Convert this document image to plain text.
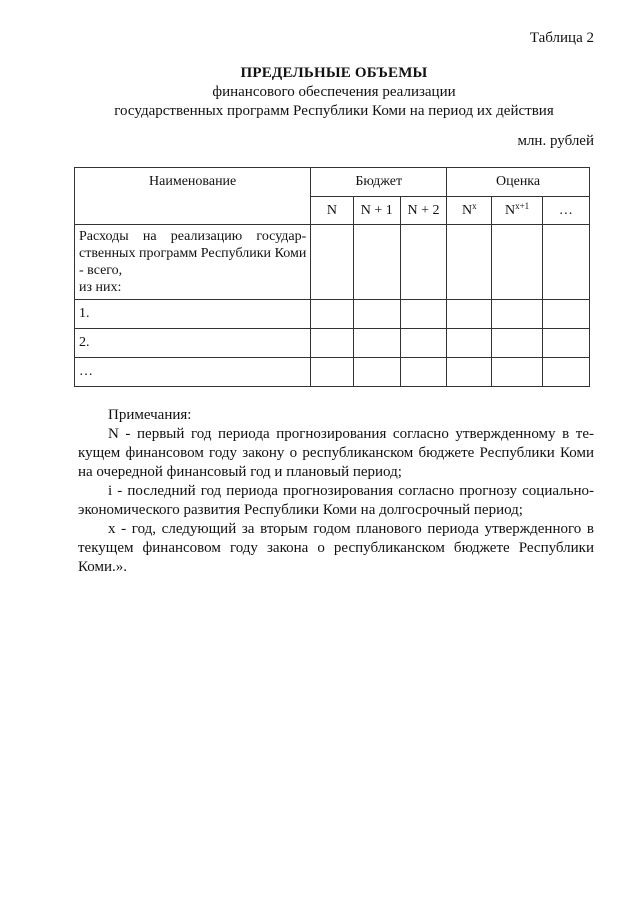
Таблица 2
ПРЕДЕЛЬНЫЕ ОБЪЕМЫ
финансового обеспечения реализации
государственных программ Республики Коми на период их действия
млн. рублей
Наименование	Бюджет			Оценка		
	N	N + 1	N + 2	$N^x$	$N^{x+1}$	…

Расходы на реализацию государственных программ Республики Коми - всего,
из них:						

1.						
2.						
…						

Примечания:

N - первый год периода прогнозирования согласно утвержденному в текущем финансовом году закону о республиканском бюджете Республики Коми на очередной финансовый год и плановый период;

i - последний год периода прогнозирования согласно прогнозу социально-экономического развития Республики Коми на долгосрочный период;

x - год, следующий за вторым годом планового периода утвержденного в текущем финансовом году закона о республиканском бюджете Республики Коми.».
